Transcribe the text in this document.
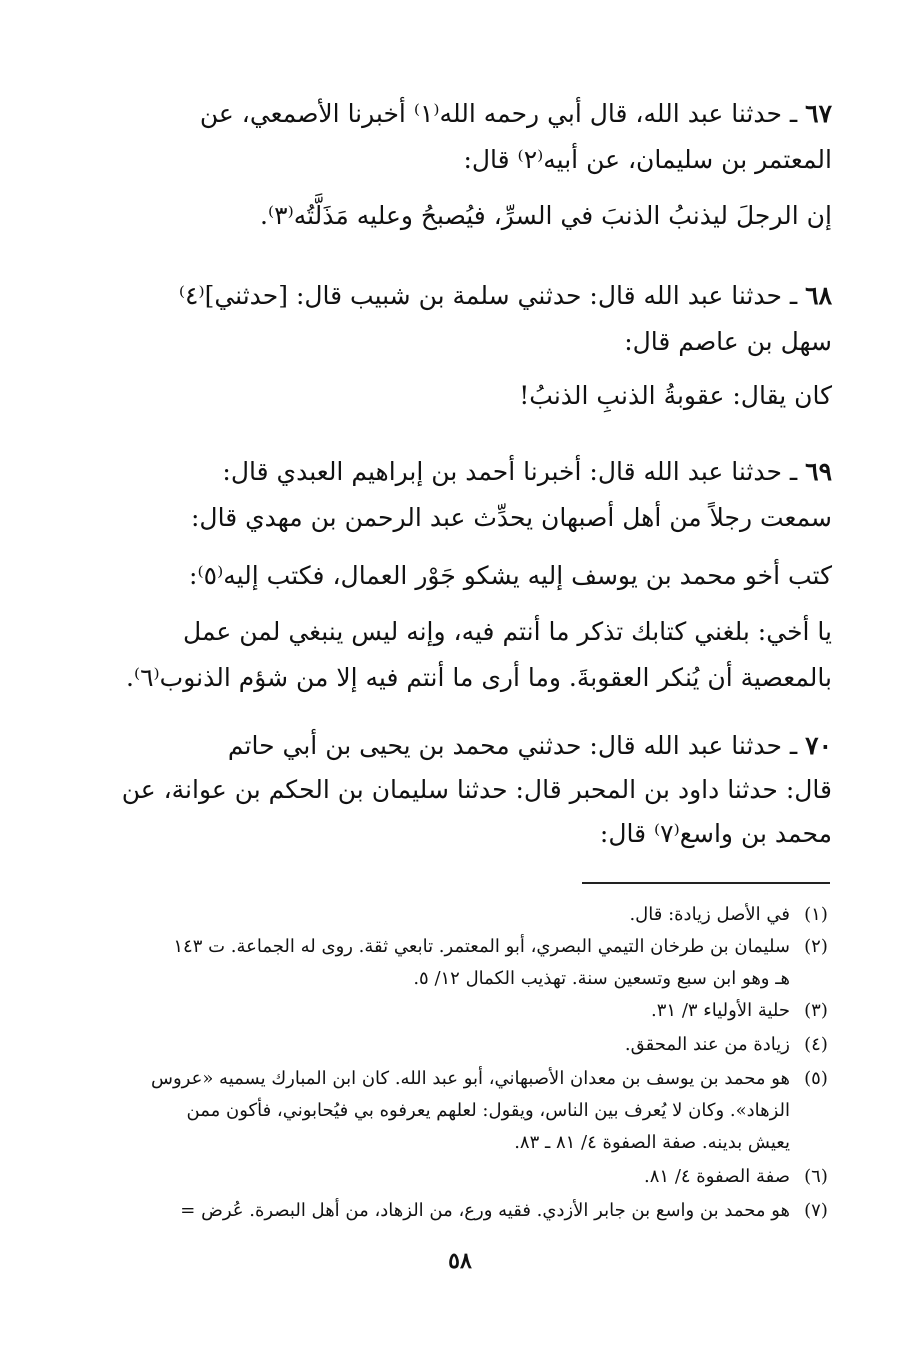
٦٧ ـ حدثنا عبد الله، قال أبي رحمه الله⁽١⁾ أخبرنا الأصمعي، عن
المعتمر بن سليمان، عن أبيه⁽٢⁾ قال:
إن الرجلَ ليذنبُ الذنبَ في السرِّ، فيُصبحُ وعليه مَذَلَّتُه⁽٣⁾.
٦٨ ـ حدثنا عبد الله قال: حدثني سلمة بن شبيب قال: [حدثني]⁽٤⁾
سهل بن عاصم قال:
كان يقال: عقوبةُ الذنبِ الذنبُ!
٦٩ ـ حدثنا عبد الله قال: أخبرنا أحمد بن إبراهيم العبدي قال:
سمعت رجلاً من أهل أصبهان يحدِّث عبد الرحمن بن مهدي قال:
كتب أخو محمد بن يوسف إليه يشكو جَوْر العمال، فكتب إليه⁽٥⁾:
يا أخي: بلغني كتابك تذكر ما أنتم فيه، وإنه ليس ينبغي لمن عمل
بالمعصية أن يُنكر العقوبةَ. وما أرى ما أنتم فيه إلا من شؤم الذنوب⁽٦⁾.
٧٠ ـ حدثنا عبد الله قال: حدثني محمد بن يحيى بن أبي حاتم
قال: حدثنا داود بن المحبر قال: حدثنا سليمان بن الحكم بن عوانة، عن
محمد بن واسع⁽٧⁾ قال:
(١)
في الأصل زيادة: قال.
(٢)
سليمان بن طرخان التيمي البصري، أبو المعتمر. تابعي ثقة. روى له الجماعة. ت ١٤٣
هـ وهو ابن سبع وتسعين سنة. تهذيب الكمال ١٢/ ٥.
(٣)
حلية الأولياء ٣/ ٣١.
(٤)
زيادة من عند المحقق.
(٥)
هو محمد بن يوسف بن معدان الأصبهاني، أبو عبد الله. كان ابن المبارك يسميه «عروس
الزهاد». وكان لا يُعرف بين الناس، ويقول: لعلهم يعرفوه بي فيُحابوني، فأكون ممن
يعيش بدينه. صفة الصفوة ٤/ ٨١ ـ ٨٣.
(٦)
صفة الصفوة ٤/ ٨١.
(٧)
هو محمد بن واسع بن جابر الأزدي. فقيه ورع، من الزهاد، من أهل البصرة. عُرض =
٥٨
